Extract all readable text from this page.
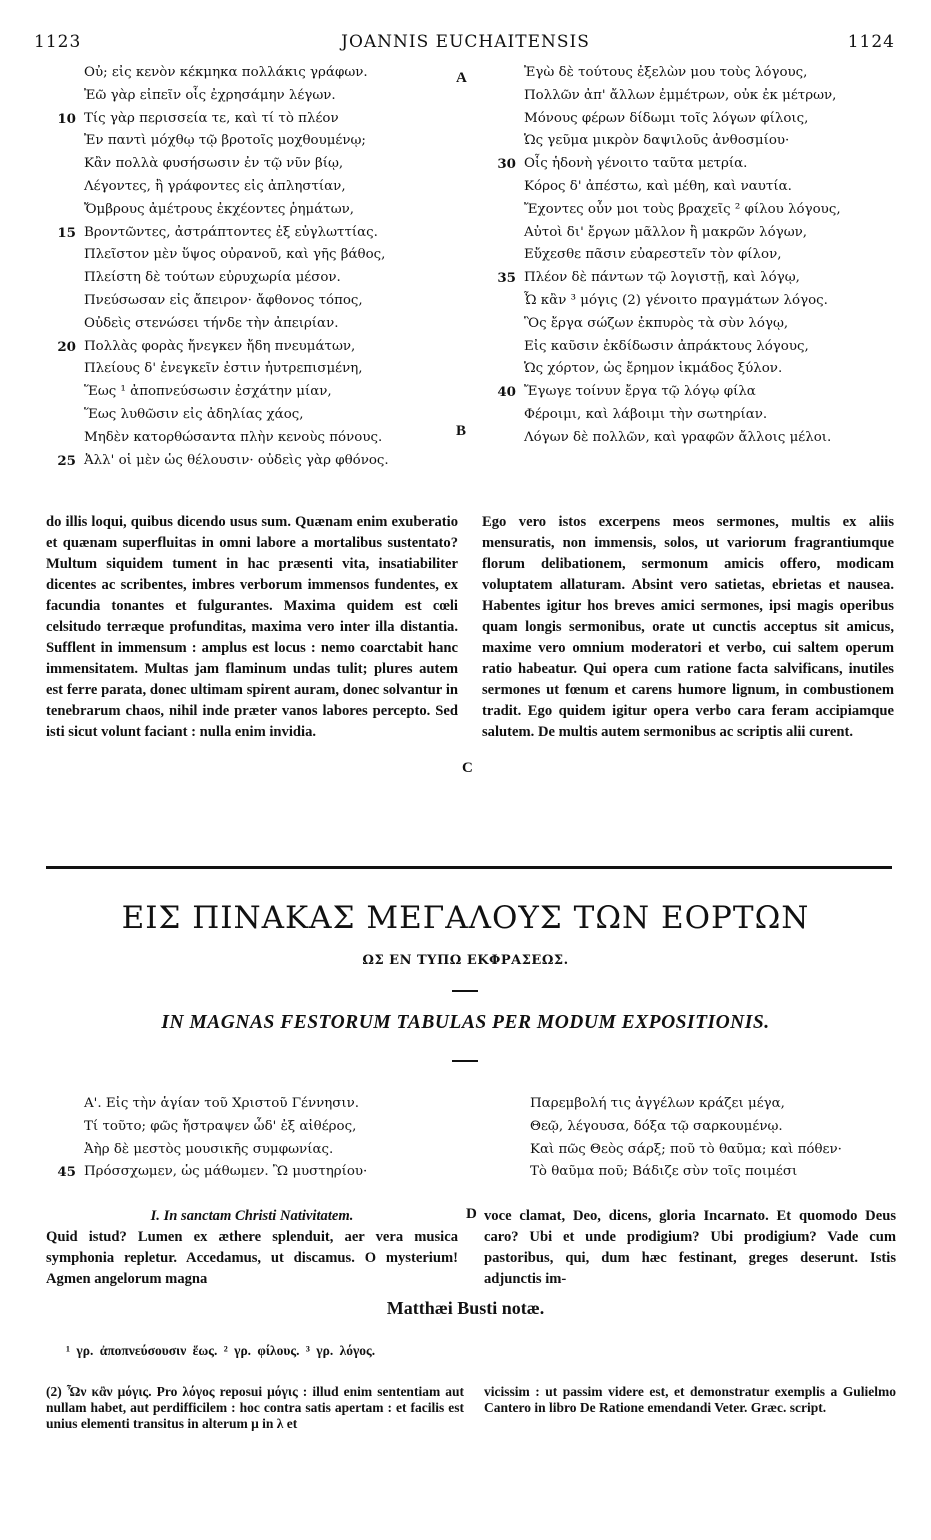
1123	JOANNIS EUCHAITENSIS	1124
Οὐ; εἰς κενὸν κέκμηκα πολλάκις γράφων.
Ἐῶ γὰρ εἰπεῖν οἷς ἐχρησάμην λέγων.
10 Τίς γὰρ περισσεία τε, καὶ τί τὸ πλέον
Ἐν παντὶ μόχθῳ τῷ βροτοῖς μοχθουμένῳ;
Κἂν πολλὰ φυσήσωσιν ἐν τῷ νῦν βίῳ,
Λέγοντες, ἢ γράφοντες εἰς ἀπληστίαν,
Ὄμβρους ἀμέτρους ἐκχέοντες ῥημάτων,
15 Βροντῶντες, ἀστράπτοντες ἐξ εὐγλωττίας.
Πλεῖστον μὲν ὕψος οὐρανοῦ, καὶ γῆς βάθος,
Πλείστη δὲ τούτων εὐρυχωρία μέσον.
Πνεύσωσαν εἰς ἄπειρον· ἄφθονος τόπος,
Οὐδεὶς στενώσει τήνδε τὴν ἀπειρίαν.
20 Πολλὰς φορὰς ἤνεγκεν ἤδη πνευμάτων,
Πλείους δ' ἐνεγκεῖν ἐστιν ἠυτρεπισμένη,
Ἕως ¹ ἀποπνεύσωσιν ἐσχάτην μίαν,
Ἕως λυθῶσιν εἰς ἀδηλίας χάος,
Μηδὲν κατορθώσαντα πλὴν κενοὺς πόνους.
25 Ἀλλ' οἱ μὲν ὡς θέλουσιν· οὐδεὶς γὰρ φθόνος.
Ἐγὼ δὲ τούτους ἐξελὼν μου τοὺς λόγους,
Πολλῶν ἀπ' ἄλλων ἐμμέτρων, οὐκ ἐκ μέτρων,
Μόνους φέρων δίδωμι τοῖς λόγων φίλοις,
Ὡς γεῦμα μικρὸν δαψιλοῦς ἀνθοσμίου·
30 Οἷς ἡδονὴ γένοιτο ταῦτα μετρία.
Κόρος δ' ἀπέστω, καὶ μέθη, καὶ ναυτία.
Ἔχοντες οὖν μοι τοὺς βραχεῖς ² φίλου λόγους,
Αὐτοὶ δι' ἔργων μᾶλλον ἢ μακρῶν λόγων,
Εὔχεσθε πᾶσιν εὐαρεστεῖν τὸν φίλον,
35 Πλέον δὲ πάντων τῷ λογιστῇ, καὶ λόγῳ,
Ὦ κἂν ³ μόγις (2) γένοιτο πραγμάτων λόγος.
Ὃς ἔργα σώζων ἐκπυρὸς τὰ σὺν λόγῳ,
Εἰς καῦσιν ἐκδίδωσιν ἀπράκτους λόγους,
Ὡς χόρτον, ὡς ἔρημον ἰκμάδος ξύλον.
40 Ἔγωγε τοίνυν ἔργα τῷ λόγῳ φίλα
Φέροιμι, καὶ λάβοιμι τὴν σωτηρίαν.
Λόγων δὲ πολλῶν, καὶ γραφῶν ἄλλοις μέλοι.
A
B

do illis loqui, quibus dicendo usus sum. Quænam enim exuberatio et quænam superfluitas in omni labore a mortalibus sustentato? Multum siquidem tument in hac præsenti vita, insatiabiliter dicentes ac scribentes, imbres verborum immensos fundentes, ex facundia tonantes et fulgurantes. Maxima quidem est cœli celsitudo terræque profunditas, maxima vero inter illa distantia. Sufflent in immensum : amplus est locus : nemo coarctabit hanc immensitatem. Multas jam flaminum undas tulit; plures autem est ferre parata, donec ultimam spirent auram, donec solvantur in tenebrarum chaos, nihil inde præter vanos labores percepto. Sed isti sicut volunt faciant : nulla enim invidia.

C

Ego vero istos excerpens meos sermones, multis ex aliis mensuratis, non immensis, solos, ut variorum fragrantiumque florum delibationem, sermonum amicis offero, modicam voluptatem allaturam. Absint vero satietas, ebrietas et nausea. Habentes igitur hos breves amici sermones, ipsi magis operibus quam longis sermonibus, orate ut cunctis acceptus sit amicus, maxime vero omnium moderatori et verbo, cui saltem operum ratio habeatur. Qui opera cum ratione facta salvificans, inutiles sermones ut fœnum et carens humore lignum, in combustionem tradit. Ego quidem igitur opera verbo cara feram accipiamque salutem. De multis autem sermonibus ac scriptis alii curent.

ΕΙΣ ΠΙΝΑΚΑΣ ΜΕΓΑΛΟΥΣ ΤΩΝ ΕΟΡΤΩΝ
ΩΣ ΕΝ ΤΥΠΩ ΕΚΦΡΑΣΕΩΣ.
IN MAGNAS FESTORUM TABULAS PER MODUM EXPOSITIONIS.
Α'. Εἰς τὴν ἁγίαν τοῦ Χριστοῦ Γέννησιν.
Τί τοῦτο; φῶς ἤστραψεν ὧδ' ἐξ αἰθέρος,
Ἀὴρ δὲ μεστὸς μουσικῆς συμφωνίας.
45 Πρόσσχωμεν, ὡς μάθωμεν. Ὢ μυστηρίου·
Παρεμβολή τις ἀγγέλων κράζει μέγα,
Θεῷ, λέγουσα, δόξα τῷ σαρκουμένῳ.
Καὶ πῶς Θεὸς σάρξ; ποῦ τὸ θαῦμα; καὶ πόθεν·
Τὸ θαῦμα ποῦ; Βάδιζε σὺν τοῖς ποιμέσι

I. In sanctam Christi Nativitatem.

Quid istud? Lumen ex æthere splenduit, aer vera musica symphonia repletur. Accedamus, ut discamus. O mysterium! Agmen angelorum magna

D voce clamat, Deo, dicens, gloria Incarnato. Et quomodo Deus caro? Ubi et unde prodigium? Ubi prodigium? Vade cum pastoribus, qui, dum hæc festinant, greges deserunt. Istis adjunctis im-

Matthæi Busti notæ.
¹ γρ. ἀποπνεύσουσιν ἕως. ² γρ. φίλους. ³ γρ. λόγος.
(2) Ὦν κἂν μόγις. Pro λόγος reposui μόγις : illud enim sententiam aut nullam habet, aut perdifficilem : hoc contra satis apertam : et facilis est unius elementi transitus in alterum μ in λ et
vicissim : ut passim videre est, et demonstratur exemplis a Gulielmo Cantero in libro De Ratione emendandi Veter. Græc. script.
